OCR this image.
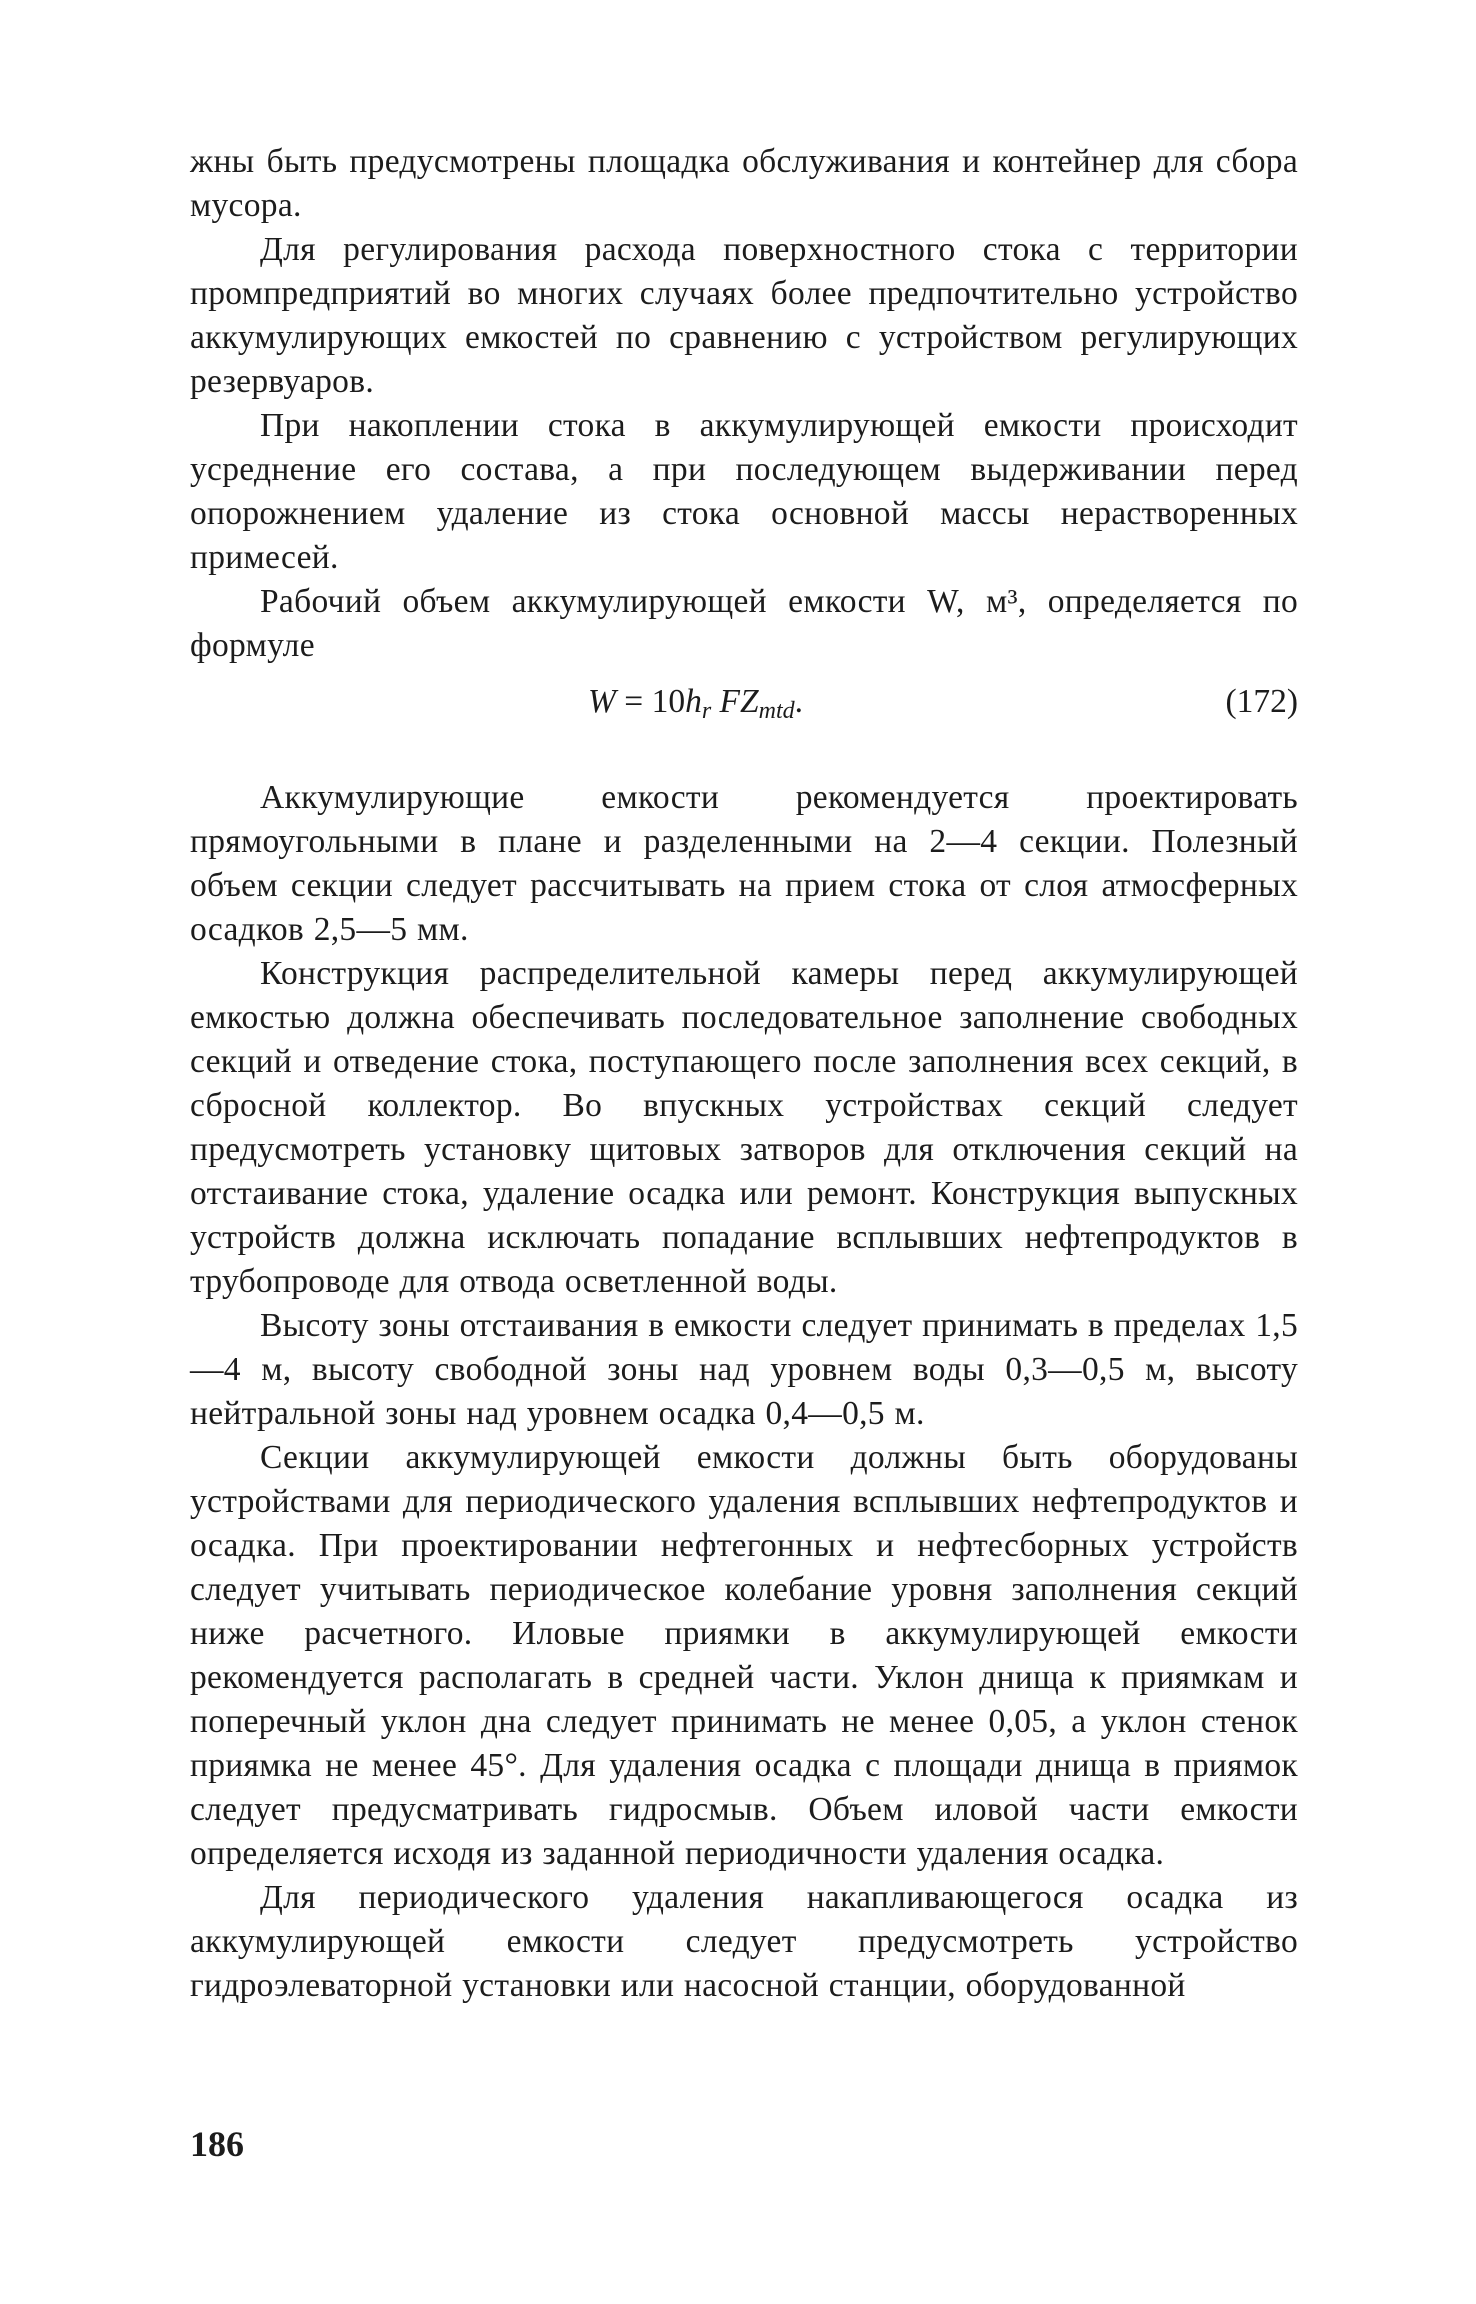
жны быть предусмотрены площадка обслуживания и контейнер для сбора мусора.

Для регулирования расхода поверхностного стока с территории промпредприятий во многих случаях более предпочтительно устройство аккумулирующих емкостей по сравнению с устройством регулирующих резервуаров.

При накоплении стока в аккумулирующей емкости происходит усреднение его состава, а при последующем выдерживании перед опорожнением удаление из стока основной массы нерастворенных примесей.

Рабочий объем аккумулирующей емкости W, м³, определяется по формуле

$W = 10h_r$ $FZ_{mtd}$.	(172)

Аккумулирующие емкости рекомендуется проектировать прямоугольными в плане и разделенными на 2—4 секции. Полезный объем секции следует рассчитывать на прием стока от слоя атмосферных осадков 2,5—5 мм.

Конструкция распределительной камеры перед аккумулирующей емкостью должна обеспечивать последовательное заполнение свободных секций и отведение стока, поступающего после заполнения всех секций, в сбросной коллектор. Во впускных устройствах секций следует предусмотреть установку щитовых затворов для отключения секций на отстаивание стока, удаление осадка или ремонт. Конструкция выпускных устройств должна исключать попадание всплывших нефтепродуктов в трубопроводе для отвода осветленной воды.

Высоту зоны отстаивания в емкости следует принимать в пределах 1,5—4 м, высоту свободной зоны над уровнем воды 0,3—0,5 м, высоту нейтральной зоны над уровнем осадка 0,4—0,5 м.

Секции аккумулирующей емкости должны быть оборудованы устройствами для периодического удаления всплывших нефтепродуктов и осадка. При проектировании нефтегонных и нефтесборных устройств следует учитывать периодическое колебание уровня заполнения секций ниже расчетного. Иловые приямки в аккумулирующей емкости рекомендуется располагать в средней части. Уклон днища к приямкам и поперечный уклон дна следует принимать не менее 0,05, а уклон стенок приямка не менее 45°. Для удаления осадка с площади днища в приямок следует предусматривать гидросмыв. Объем иловой части емкости определяется исходя из заданной периодичности удаления осадка.

Для периодического удаления накапливающегося осадка из аккумулирующей емкости следует предусмотреть устройство гидроэлеваторной установки или насосной станции, оборудованной

186
